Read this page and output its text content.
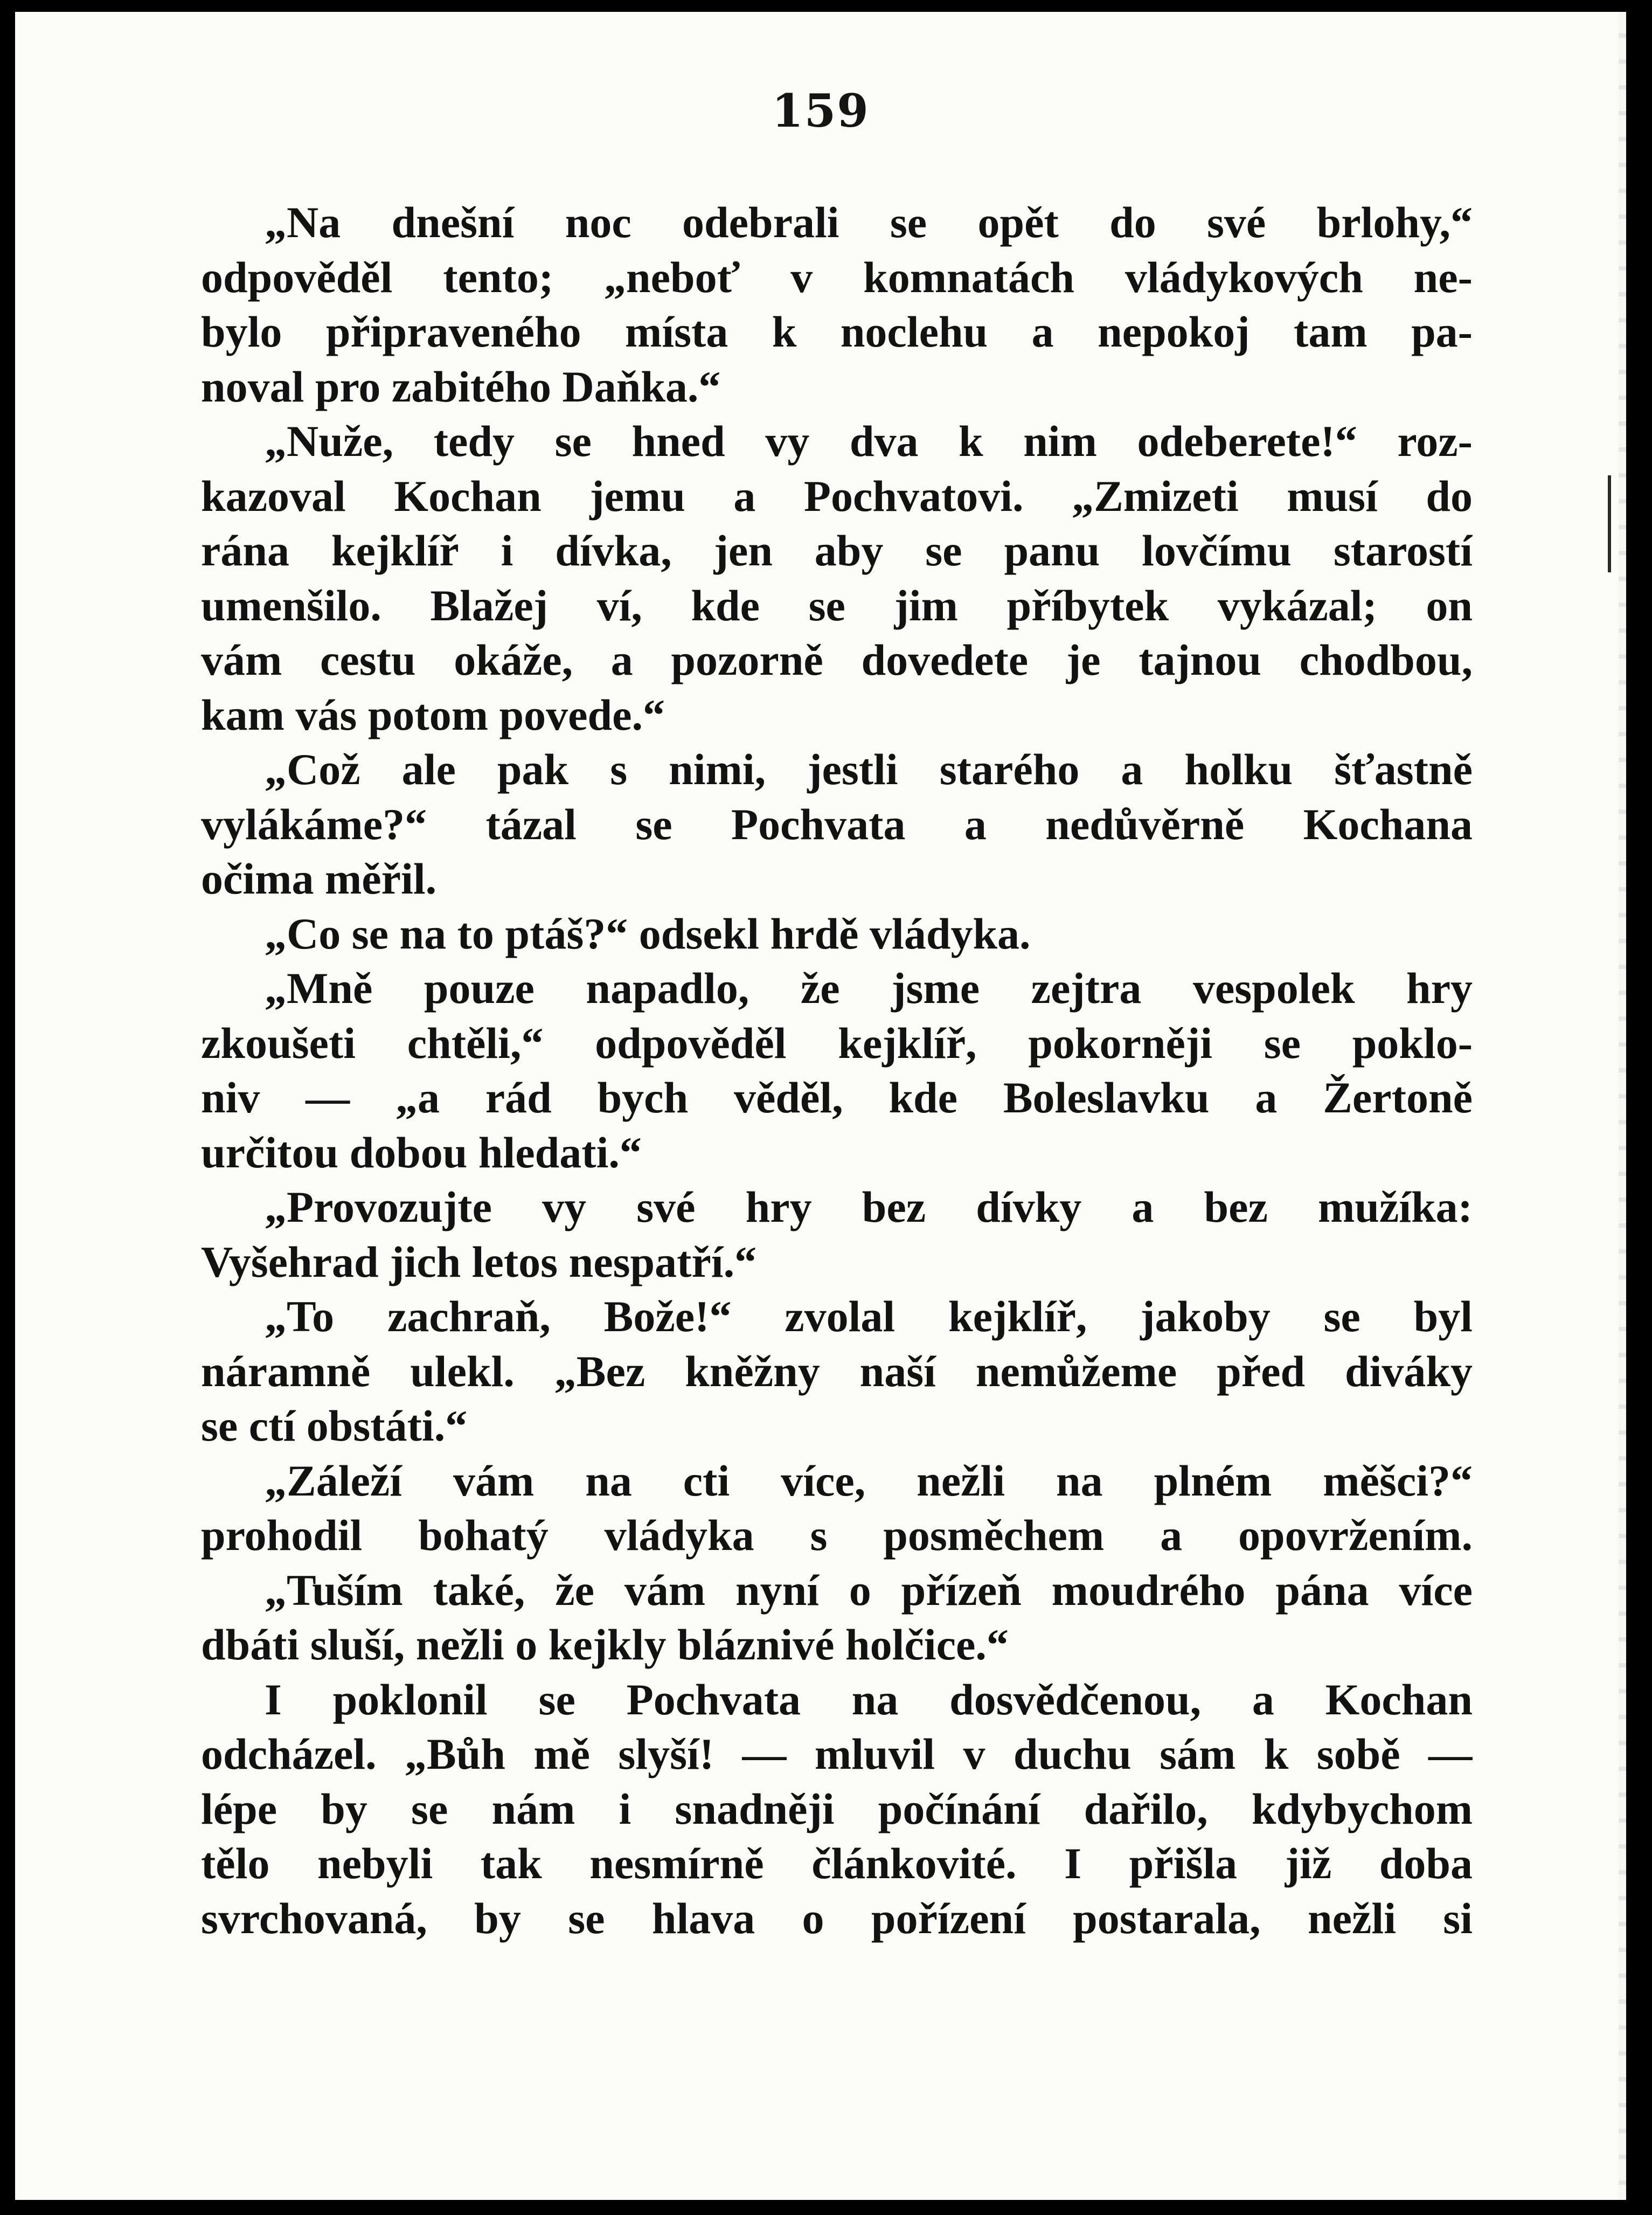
159
„Na dnešní noc odebrali se opět do své brlohy,“
odpověděl tento; „neboť v komnatách vládykových ne-
bylo připraveného místa k noclehu a nepokoj tam pa-
noval pro zabitého Daňka.“
„Nuže, tedy se hned vy dva k nim odeberete!“ roz-
kazoval Kochan jemu a Pochvatovi. „Zmizeti musí do
rána kejklíř i dívka, jen aby se panu lovčímu starostí
umenšilo. Blažej ví, kde se jim příbytek vykázal; on
vám cestu okáže, a pozorně dovedete je tajnou chodbou,
kam vás potom povede.“
„Což ale pak s nimi, jestli starého a holku šťastně
vylákáme?“ tázal se Pochvata a nedůvěrně Kochana
očima měřil.
„Co se na to ptáš?“ odsekl hrdě vládyka.
„Mně pouze napadlo, že jsme zejtra vespolek hry
zkoušeti chtěli,“ odpověděl kejklíř, pokorněji se poklo-
niv — „a rád bych věděl, kde Boleslavku a Žertoně
určitou dobou hledati.“
„Provozujte vy své hry bez dívky a bez mužíka:
Vyšehrad jich letos nespatří.“
„To zachraň, Bože!“ zvolal kejklíř, jakoby se byl
náramně ulekl. „Bez kněžny naší nemůžeme před diváky
se ctí obstáti.“
„Záleží vám na cti více, nežli na plném měšci?“
prohodil bohatý vládyka s posměchem a opovržením.
„Tuším také, že vám nyní o přízeň moudrého pána více
dbáti sluší, nežli o kejkly bláznivé holčice.“
I poklonil se Pochvata na dosvědčenou, a Kochan
odcházel. „Bůh mě slyší! — mluvil v duchu sám k sobě —
lépe by se nám i snadněji počínání dařilo, kdybychom
tělo nebyli tak nesmírně článkovité. I přišla již doba
svrchovaná, by se hlava o pořízení postarala, nežli si
